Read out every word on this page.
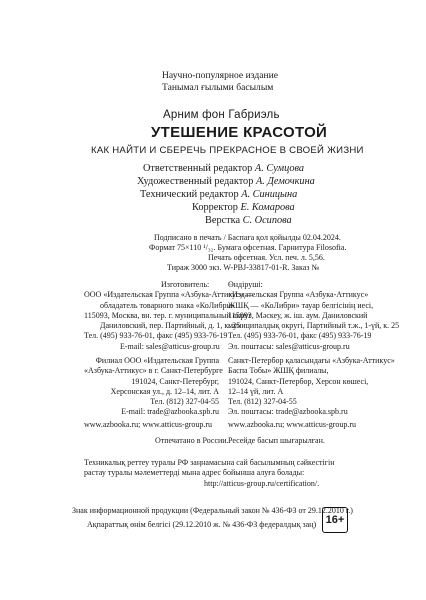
Научно-популярное издание
Танымал ғылыми басылым
Арним фон Габриэль
УТЕШЕНИЕ КРАСОТОЙ
КАК НАЙТИ И СБЕРЕЧЬ ПРЕКРАСНОЕ В СВОЕЙ ЖИЗНИ
Ответственный редактор А. Сумцова
Художественный редактор А. Демочкина
Технический редактор А. Синицына
Корректор Е. Комарова
Верстка С. Осипова
Подписано в печать / Баспаға қол қойылды 02.04.2024.
Формат 75×110 ¹/₃₂. Бумага офсетная. Гарнитура Filosofia.
Печать офсетная. Усл. печ. л. 5,56.
Тираж 3000 экз. W-PBJ-33817-01-R. Заказ №
Изготовитель:
ООО «Издательская Группа «Азбука-Аттикус» —
обладатель товарного знака «КоЛибри»
115093, Москва, вн. тер. г. муниципальный округ
Даниловский, пер. Партийный, д. 1, к. 25
Тел. (495) 933-76-01, факс (495) 933-76-19
E-mail: sales@atticus-group.ru
Өндіруші:
«Издательская Группа «Азбука-Аттикус»
ЖШҚ — «КоЛибри» тауар белгісінің иесі,
115093, Мәскеу, ж. іш. аум. Даниловский
муниципалдық округі, Партийный т.ж., 1-үй, к. 25
Тел. (495) 933-76-01, факс (495) 933-76-19
Эл. поштасы: sales@atticus-group.ru
Филиал ООО «Издательская Группа
«Азбука-Аттикус» в г. Санкт-Петербурге
191024, Санкт-Петербург,
Херсонская ул., д. 12–14, лит. А
Тел. (812) 327-04-55
E-mail: trade@azbooka.spb.ru
Санкт-Петербор қаласындағы «Азбука-Аттикус»
Баспа Тобы» ЖШҚ филиалы,
191024, Санкт-Петербор, Херсон көшесі,
12–14 үй, лит. А
Тел. (812) 327-04-55
Эл. поштасы: trade@azbooka.spb.ru
www.azbooka.ru; www.atticus-group.ru www.azbooka.ru; www.atticus-group.ru
Отпечатано в России. Ресейде басып шығарылған.
Техникалық реттеу туралы РФ заңнамасына сай басылымның сәйкестігін
растау туралы мәлеметтерді мына адрес бойынша алуға болады:
http://atticus-group.ru/certification/.
Знак информационной продукции (Федеральный закон № 436-ФЗ от 29.12.2010 г.)
Ақпараттық өнім белгісі (29.12.2010 ж. № 436-ФЗ федералдық заң) 16+
